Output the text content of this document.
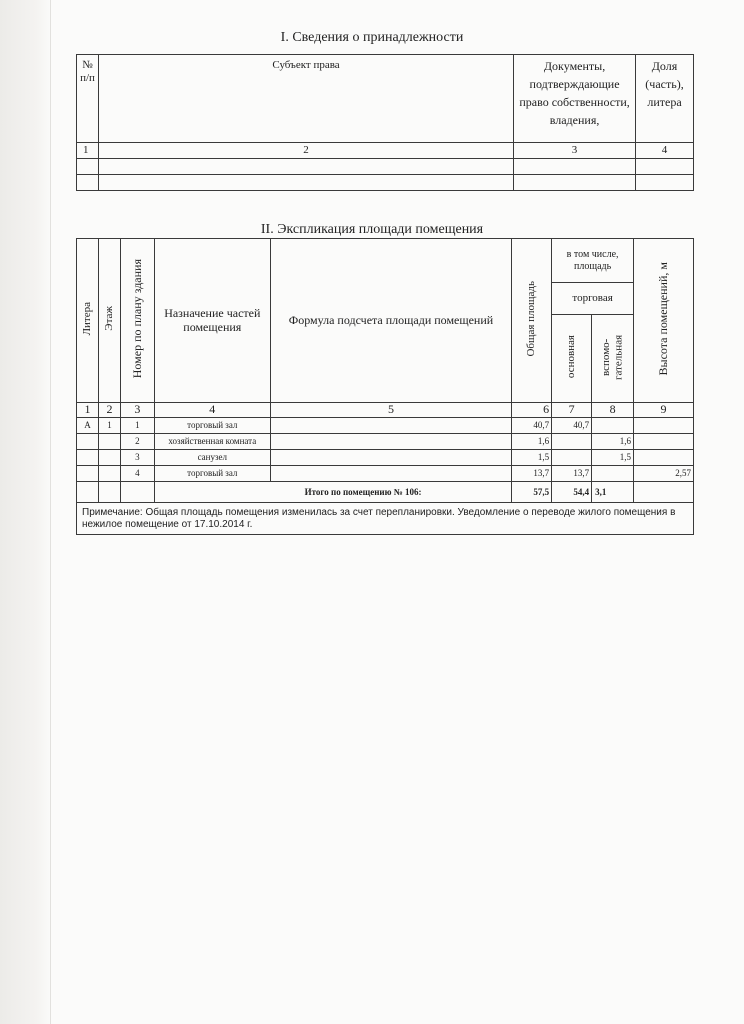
I. Сведения о принадлежности
№ п/п	Субъект права	Документы, подтверждающие право собственности, владения,	Доля (часть), литера
1	2	3	4

II. Экспликация площади помещения
Литера	Этаж	Номер по плану здания	Назначение частей помещения	Формула подсчета площади помещений	Общая площадь	в том числе, площадь		Высота помещений, м
						торговая		
						основная	вспомо-гательная	
1	2	3	4	5	6	7	8	9
А	1	1	торговый зал		40,7	40,7		
		2	хозяйственная комната		1,6		1,6	
		3	санузел		1,5		1,5	
		4	торговый зал		13,7	13,7		2,57
			Итого по помещению № 106:		57,5	54,4	3,1	
Примечание: Общая площадь помещения изменилась за счет перепланировки. Уведомление о переводе жилого помещения в нежилое помещение от 17.10.2014 г.								
